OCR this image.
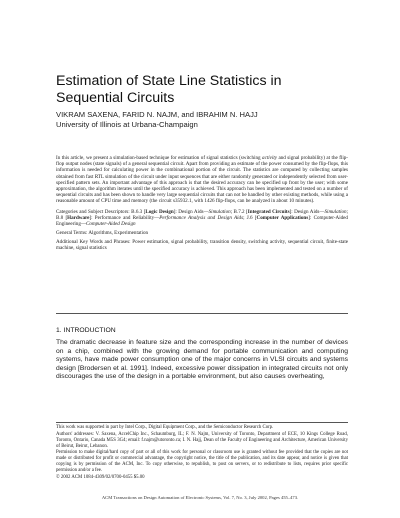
Estimation of State Line Statistics in
Sequential Circuits
VIKRAM SAXENA, FARID N. NAJM, and IBRAHIM N. HAJJ
University of Illinois at Urbana-Champaign

In this article, we present a simulation-based technique for estimation of signal statistics (switching activity and signal probability) at the flip-flop output nodes (state signals) of a general sequential circuit. Apart from providing an estimate of the power consumed by the flip-flops, this information is needed for calculating power in the combinational portion of the circuit. The statistics are computed by collecting samples obtained from fast RTL simulation of the circuit under input sequences that are either randomly generated or independently selected from user-specified pattern sets. An important advantage of this approach is that the desired accuracy can be specified up front by the user; with some approximation, the algorithm iterates until the specified accuracy is achieved. This approach has been implemented and tested on a number of sequential circuits and has been shown to handle very large sequential circuits that can not be handled by other existing methods, while using a reasonable amount of CPU time and memory (the circuit s35932.1, with 1426 flip-flops, can be analyzed in about 10 minutes).

Categories and Subject Descriptors: B.6.3 [Logic Design]: Design Aids—Simulation; B.7.2 [Integrated Circuits]: Design Aids—Simulation; B.8 [Hardware]: Performance and Reliability—Performance Analysis and Design Aids; J.6 [Computer Applications]: Computer-Aided Engineering—Computer-Aided Design

General Terms: Algorithms, Experimentation

Additional Key Words and Phrases: Power estimation, signal probability, transition density, switching activity, sequential circuit, finite-state machine, signal statistics

1. INTRODUCTION
The dramatic decrease in feature size and the corresponding increase in the number of devices on a chip, combined with the growing demand for portable communication and computing systems, have made power consumption one of the major concerns in VLSI circuits and systems design [Brodersen et al. 1991]. Indeed, excessive power dissipation in integrated circuits not only discourages the use of the design in a portable environment, but also causes overheating,

This work was supported in part by Intel Corp., Digital Equipment Corp., and the Semiconductor Research Corp.

Authors' addresses: V. Saxena, AccelChip Inc., Schaumburg, IL; F. N. Najm, University of Toronto, Department of ECE, 10 Kings College Road, Toronto, Ontario, Canada M5S 3G4; email: f.najm@utoronto.ca; I. N. Hajj, Dean of the Faculty of Engineering and Architecture, American University of Beirut, Beirut, Lebanon.

Permission to make digital/hard copy of part or all of this work for personal or classroom use is granted without fee provided that the copies are not made or distributed for profit or commercial advantage, the copyright notice, the title of the publication, and its date appear, and notice is given that copying is by permission of the ACM, Inc. To copy otherwise, to republish, to post on servers, or to redistribute to lists, requires prior specific permission and/or a fee.

© 2002 ACM 1084-4309/02/0700-0455 $5.00

ACM Transactions on Design Automation of Electronic Systems, Vol. 7, No. 3, July 2002, Pages 455–473.
